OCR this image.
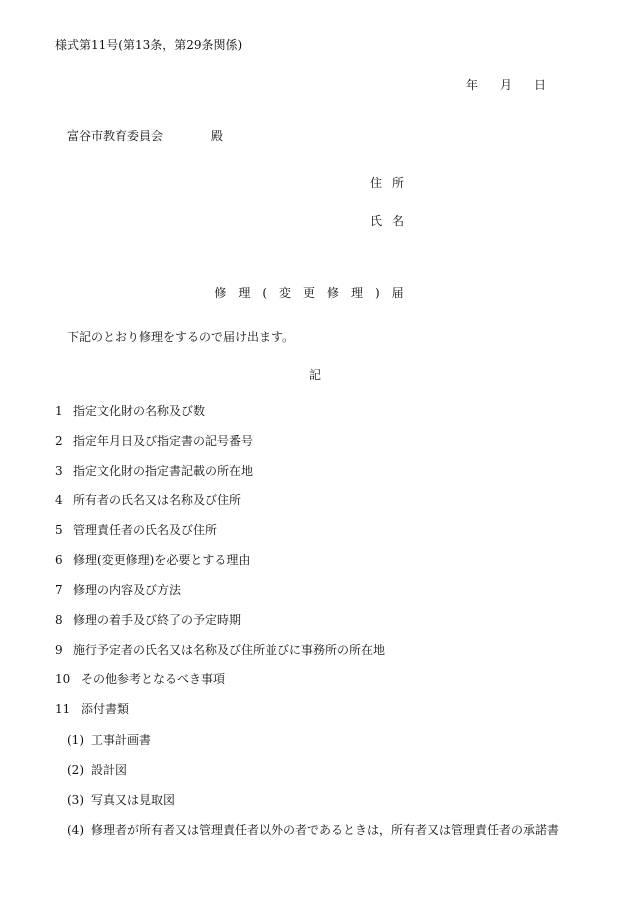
様式第11号(第13条，第29条関係)
年 月 日
富谷市教育委員会	殿
住所
氏名
修理(変更修理)届
下記のとおり修理をするので届け出ます。
記
1 指定文化財の名称及び数
2 指定年月日及び指定書の記号番号
3 指定文化財の指定書記載の所在地
4 所有者の氏名又は名称及び住所
5 管理責任者の氏名及び住所
6 修理(変更修理)を必要とする理由
7 修理の内容及び方法
8 修理の着手及び終了の予定時期
9 施行予定者の氏名又は名称及び住所並びに事務所の所在地
10 その他参考となるべき事項
11 添付書類
(1) 工事計画書
(2) 設計図
(3) 写真又は見取図
(4) 修理者が所有者又は管理責任者以外の者であるときは，所有者又は管理責任者の承諾書
